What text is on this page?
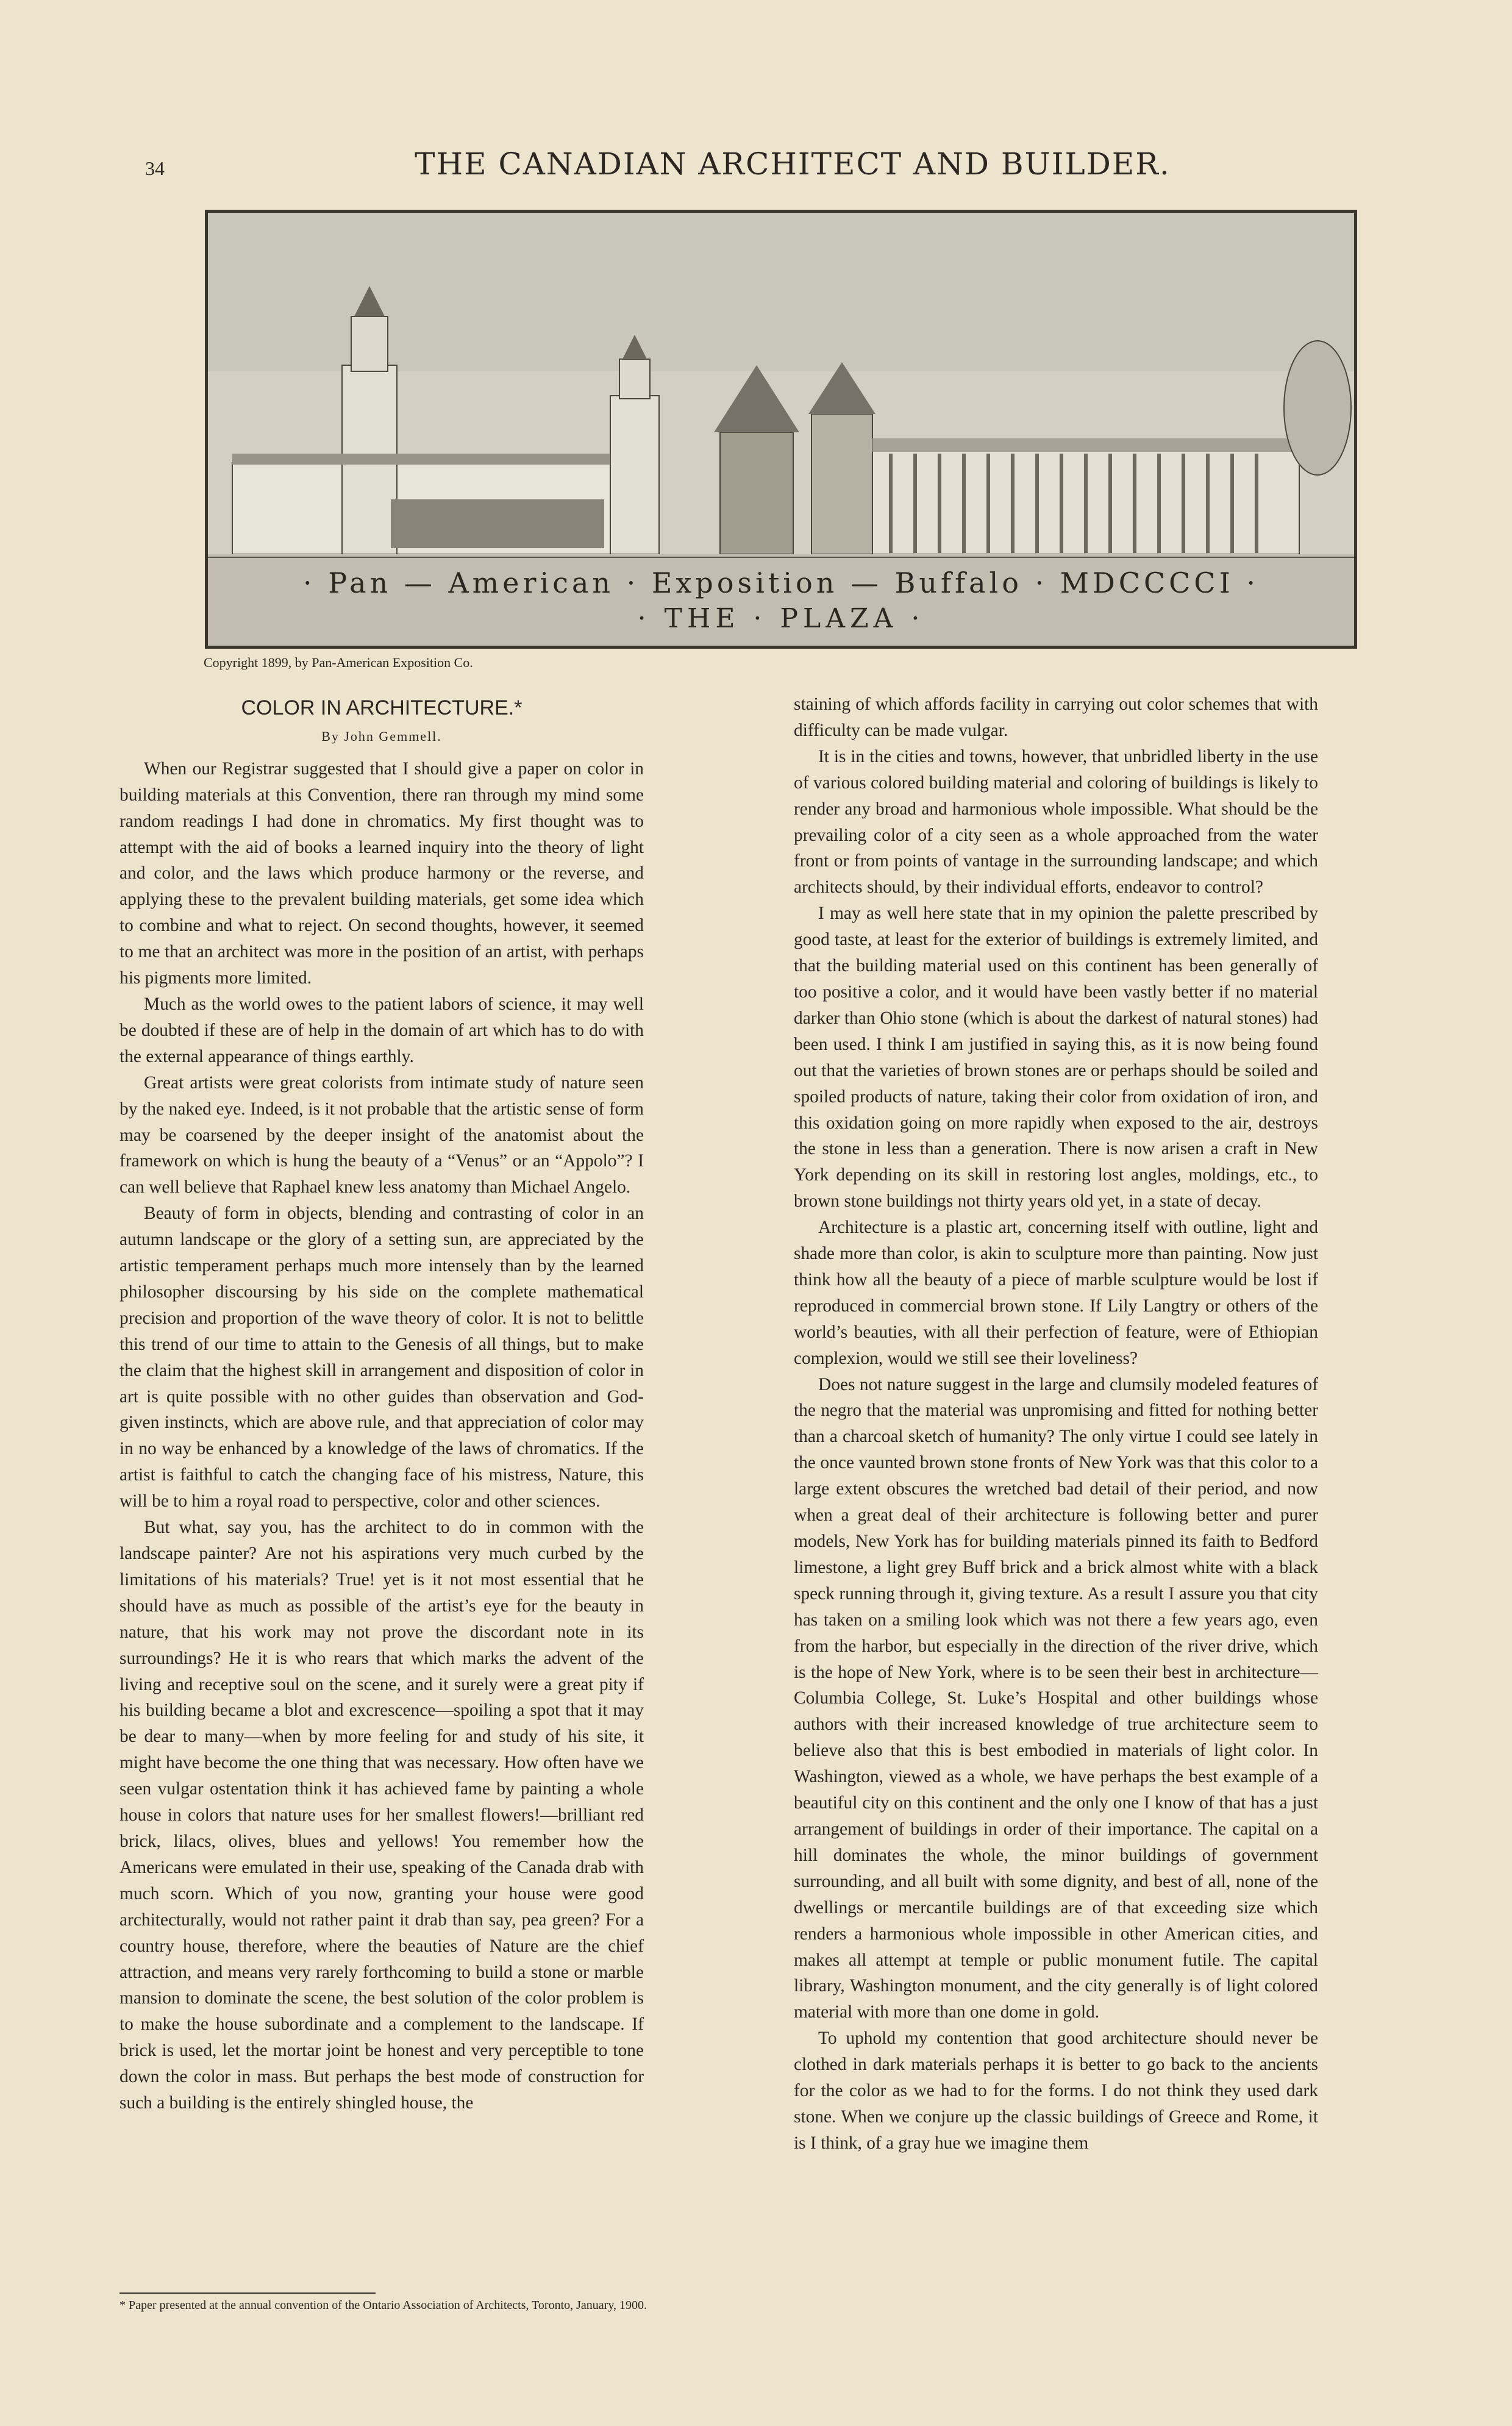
34	THE CANADIAN ARCHITECT AND BUILDER.
· Pan — American · Exposition — Buffalo · MDCCCCI ·
· THE · PLAZA ·
Copyright 1899, by Pan-American Exposition Co.
COLOR IN ARCHITECTURE.*
By John Gemmell.

When our Registrar suggested that I should give a paper on color in building materials at this Convention, there ran through my mind some random readings I had done in chromatics. My first thought was to attempt with the aid of books a learned inquiry into the theory of light and color, and the laws which produce harmony or the reverse, and applying these to the prevalent building materials, get some idea which to combine and what to reject. On second thoughts, however, it seemed to me that an architect was more in the position of an artist, with perhaps his pigments more limited.

Much as the world owes to the patient labors of science, it may well be doubted if these are of help in the domain of art which has to do with the external appearance of things earthly.

Great artists were great colorists from intimate study of nature seen by the naked eye. Indeed, is it not probable that the artistic sense of form may be coarsened by the deeper insight of the anatomist about the framework on which is hung the beauty of a “Venus” or an “Appolo”? I can well believe that Raphael knew less anatomy than Michael Angelo.

Beauty of form in objects, blending and contrasting of color in an autumn landscape or the glory of a setting sun, are appreciated by the artistic temperament perhaps much more intensely than by the learned philosopher discoursing by his side on the complete mathematical precision and proportion of the wave theory of color. It is not to belittle this trend of our time to attain to the Genesis of all things, but to make the claim that the highest skill in arrangement and disposition of color in art is quite possible with no other guides than observation and God-given instincts, which are above rule, and that appreciation of color may in no way be enhanced by a knowledge of the laws of chromatics. If the artist is faithful to catch the changing face of his mistress, Nature, this will be to him a royal road to perspective, color and other sciences.

But what, say you, has the architect to do in common with the landscape painter? Are not his aspirations very much curbed by the limitations of his materials? True! yet is it not most essential that he should have as much as possible of the artist’s eye for the beauty in nature, that his work may not prove the discordant note in its surroundings? He it is who rears that which marks the advent of the living and receptive soul on the scene, and it surely were a great pity if his building became a blot and excrescence—spoiling a spot that it may be dear to many—when by more feeling for and study of his site, it might have become the one thing that was necessary. How often have we seen vulgar ostentation think it has achieved fame by painting a whole house in colors that nature uses for her smallest flowers!—brilliant red brick, lilacs, olives, blues and yellows! You remember how the Americans were emulated in their use, speaking of the Canada drab with much scorn. Which of you now, granting your house were good architecturally, would not rather paint it drab than say, pea green? For a country house, therefore, where the beauties of Nature are the chief attraction, and means very rarely forthcoming to build a stone or marble mansion to dominate the scene, the best solution of the color problem is to make the house subordinate and a complement to the landscape. If brick is used, let the mortar joint be honest and very perceptible to tone down the color in mass. But perhaps the best mode of construction for such a building is the entirely shingled house, the

staining of which affords facility in carrying out color schemes that with difficulty can be made vulgar.

It is in the cities and towns, however, that unbridled liberty in the use of various colored building material and coloring of buildings is likely to render any broad and harmonious whole impossible. What should be the prevailing color of a city seen as a whole approached from the water front or from points of vantage in the surrounding landscape; and which architects should, by their individual efforts, endeavor to control?

I may as well here state that in my opinion the palette prescribed by good taste, at least for the exterior of buildings is extremely limited, and that the building material used on this continent has been generally of too positive a color, and it would have been vastly better if no material darker than Ohio stone (which is about the darkest of natural stones) had been used. I think I am justified in saying this, as it is now being found out that the varieties of brown stones are or perhaps should be soiled and spoiled products of nature, taking their color from oxidation of iron, and this oxidation going on more rapidly when exposed to the air, destroys the stone in less than a generation. There is now arisen a craft in New York depending on its skill in restoring lost angles, moldings, etc., to brown stone buildings not thirty years old yet, in a state of decay.

Architecture is a plastic art, concerning itself with outline, light and shade more than color, is akin to sculpture more than painting. Now just think how all the beauty of a piece of marble sculpture would be lost if reproduced in commercial brown stone. If Lily Langtry or others of the world’s beauties, with all their perfection of feature, were of Ethiopian complexion, would we still see their loveliness?

Does not nature suggest in the large and clumsily modeled features of the negro that the material was unpromising and fitted for nothing better than a charcoal sketch of humanity? The only virtue I could see lately in the once vaunted brown stone fronts of New York was that this color to a large extent obscures the wretched bad detail of their period, and now when a great deal of their architecture is following better and purer models, New York has for building materials pinned its faith to Bedford limestone, a light grey Buff brick and a brick almost white with a black speck running through it, giving texture. As a result I assure you that city has taken on a smiling look which was not there a few years ago, even from the harbor, but especially in the direction of the river drive, which is the hope of New York, where is to be seen their best in architecture—Columbia College, St. Luke’s Hospital and other buildings whose authors with their increased knowledge of true architecture seem to believe also that this is best embodied in materials of light color. In Washington, viewed as a whole, we have perhaps the best example of a beautiful city on this continent and the only one I know of that has a just arrangement of buildings in order of their importance. The capital on a hill dominates the whole, the minor buildings of government surrounding, and all built with some dignity, and best of all, none of the dwellings or mercantile buildings are of that exceeding size which renders a harmonious whole impossible in other American cities, and makes all attempt at temple or public monument futile. The capital library, Washington monument, and the city generally is of light colored material with more than one dome in gold.

To uphold my contention that good architecture should never be clothed in dark materials perhaps it is better to go back to the ancients for the color as we had to for the forms. I do not think they used dark stone. When we conjure up the classic buildings of Greece and Rome, it is I think, of a gray hue we imagine them

* Paper presented at the annual convention of the Ontario Association of Architects, Toronto, January, 1900.
